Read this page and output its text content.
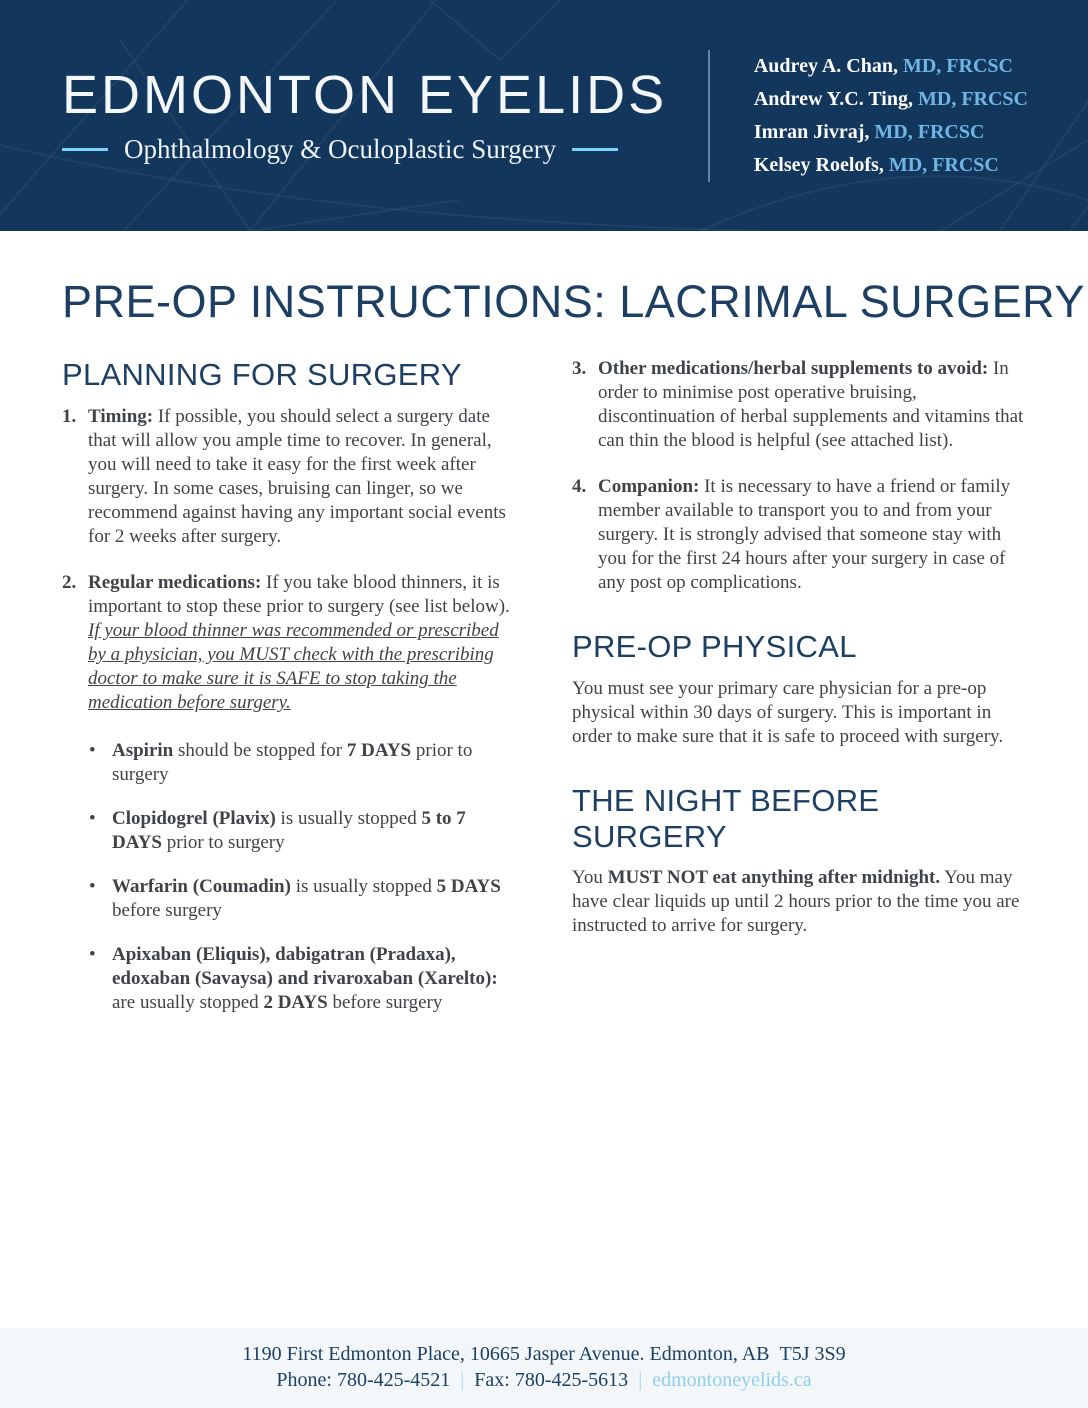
EDMONTON EYELIDS
Ophthalmology & Oculoplastic Surgery
Audrey A. Chan, MD, FRCSC
Andrew Y.C. Ting, MD, FRCSC
Imran Jivraj, MD, FRCSC
Kelsey Roelofs, MD, FRCSC
PRE-OP INSTRUCTIONS: LACRIMAL SURGERY
PLANNING FOR SURGERY
1. Timing: If possible, you should select a surgery date that will allow you ample time to recover. In general, you will need to take it easy for the first week after surgery. In some cases, bruising can linger, so we recommend against having any important social events for 2 weeks after surgery.
2. Regular medications: If you take blood thinners, it is important to stop these prior to surgery (see list below). If your blood thinner was recommended or prescribed by a physician, you MUST check with the prescribing doctor to make sure it is SAFE to stop taking the medication before surgery.
• Aspirin should be stopped for 7 DAYS prior to surgery
• Clopidogrel (Plavix) is usually stopped 5 to 7 DAYS prior to surgery
• Warfarin (Coumadin) is usually stopped 5 DAYS before surgery
• Apixaban (Eliquis), dabigatran (Pradaxa), edoxaban (Savaysa) and rivaroxaban (Xarelto): are usually stopped 2 DAYS before surgery
3. Other medications/herbal supplements to avoid: In order to minimise post operative bruising, discontinuation of herbal supplements and vitamins that can thin the blood is helpful (see attached list).
4. Companion: It is necessary to have a friend or family member available to transport you to and from your surgery. It is strongly advised that someone stay with you for the first 24 hours after your surgery in case of any post op complications.
PRE-OP PHYSICAL

You must see your primary care physician for a pre-op physical within 30 days of surgery. This is important in order to make sure that it is safe to proceed with surgery.

THE NIGHT BEFORE SURGERY

You MUST NOT eat anything after midnight. You may have clear liquids up until 2 hours prior to the time you are instructed to arrive for surgery.

1190 First Edmonton Place, 10665 Jasper Avenue. Edmonton, AB  T5J 3S9
Phone: 780-425-4521 | Fax: 780-425-5613 | edmontoneyelids.ca
